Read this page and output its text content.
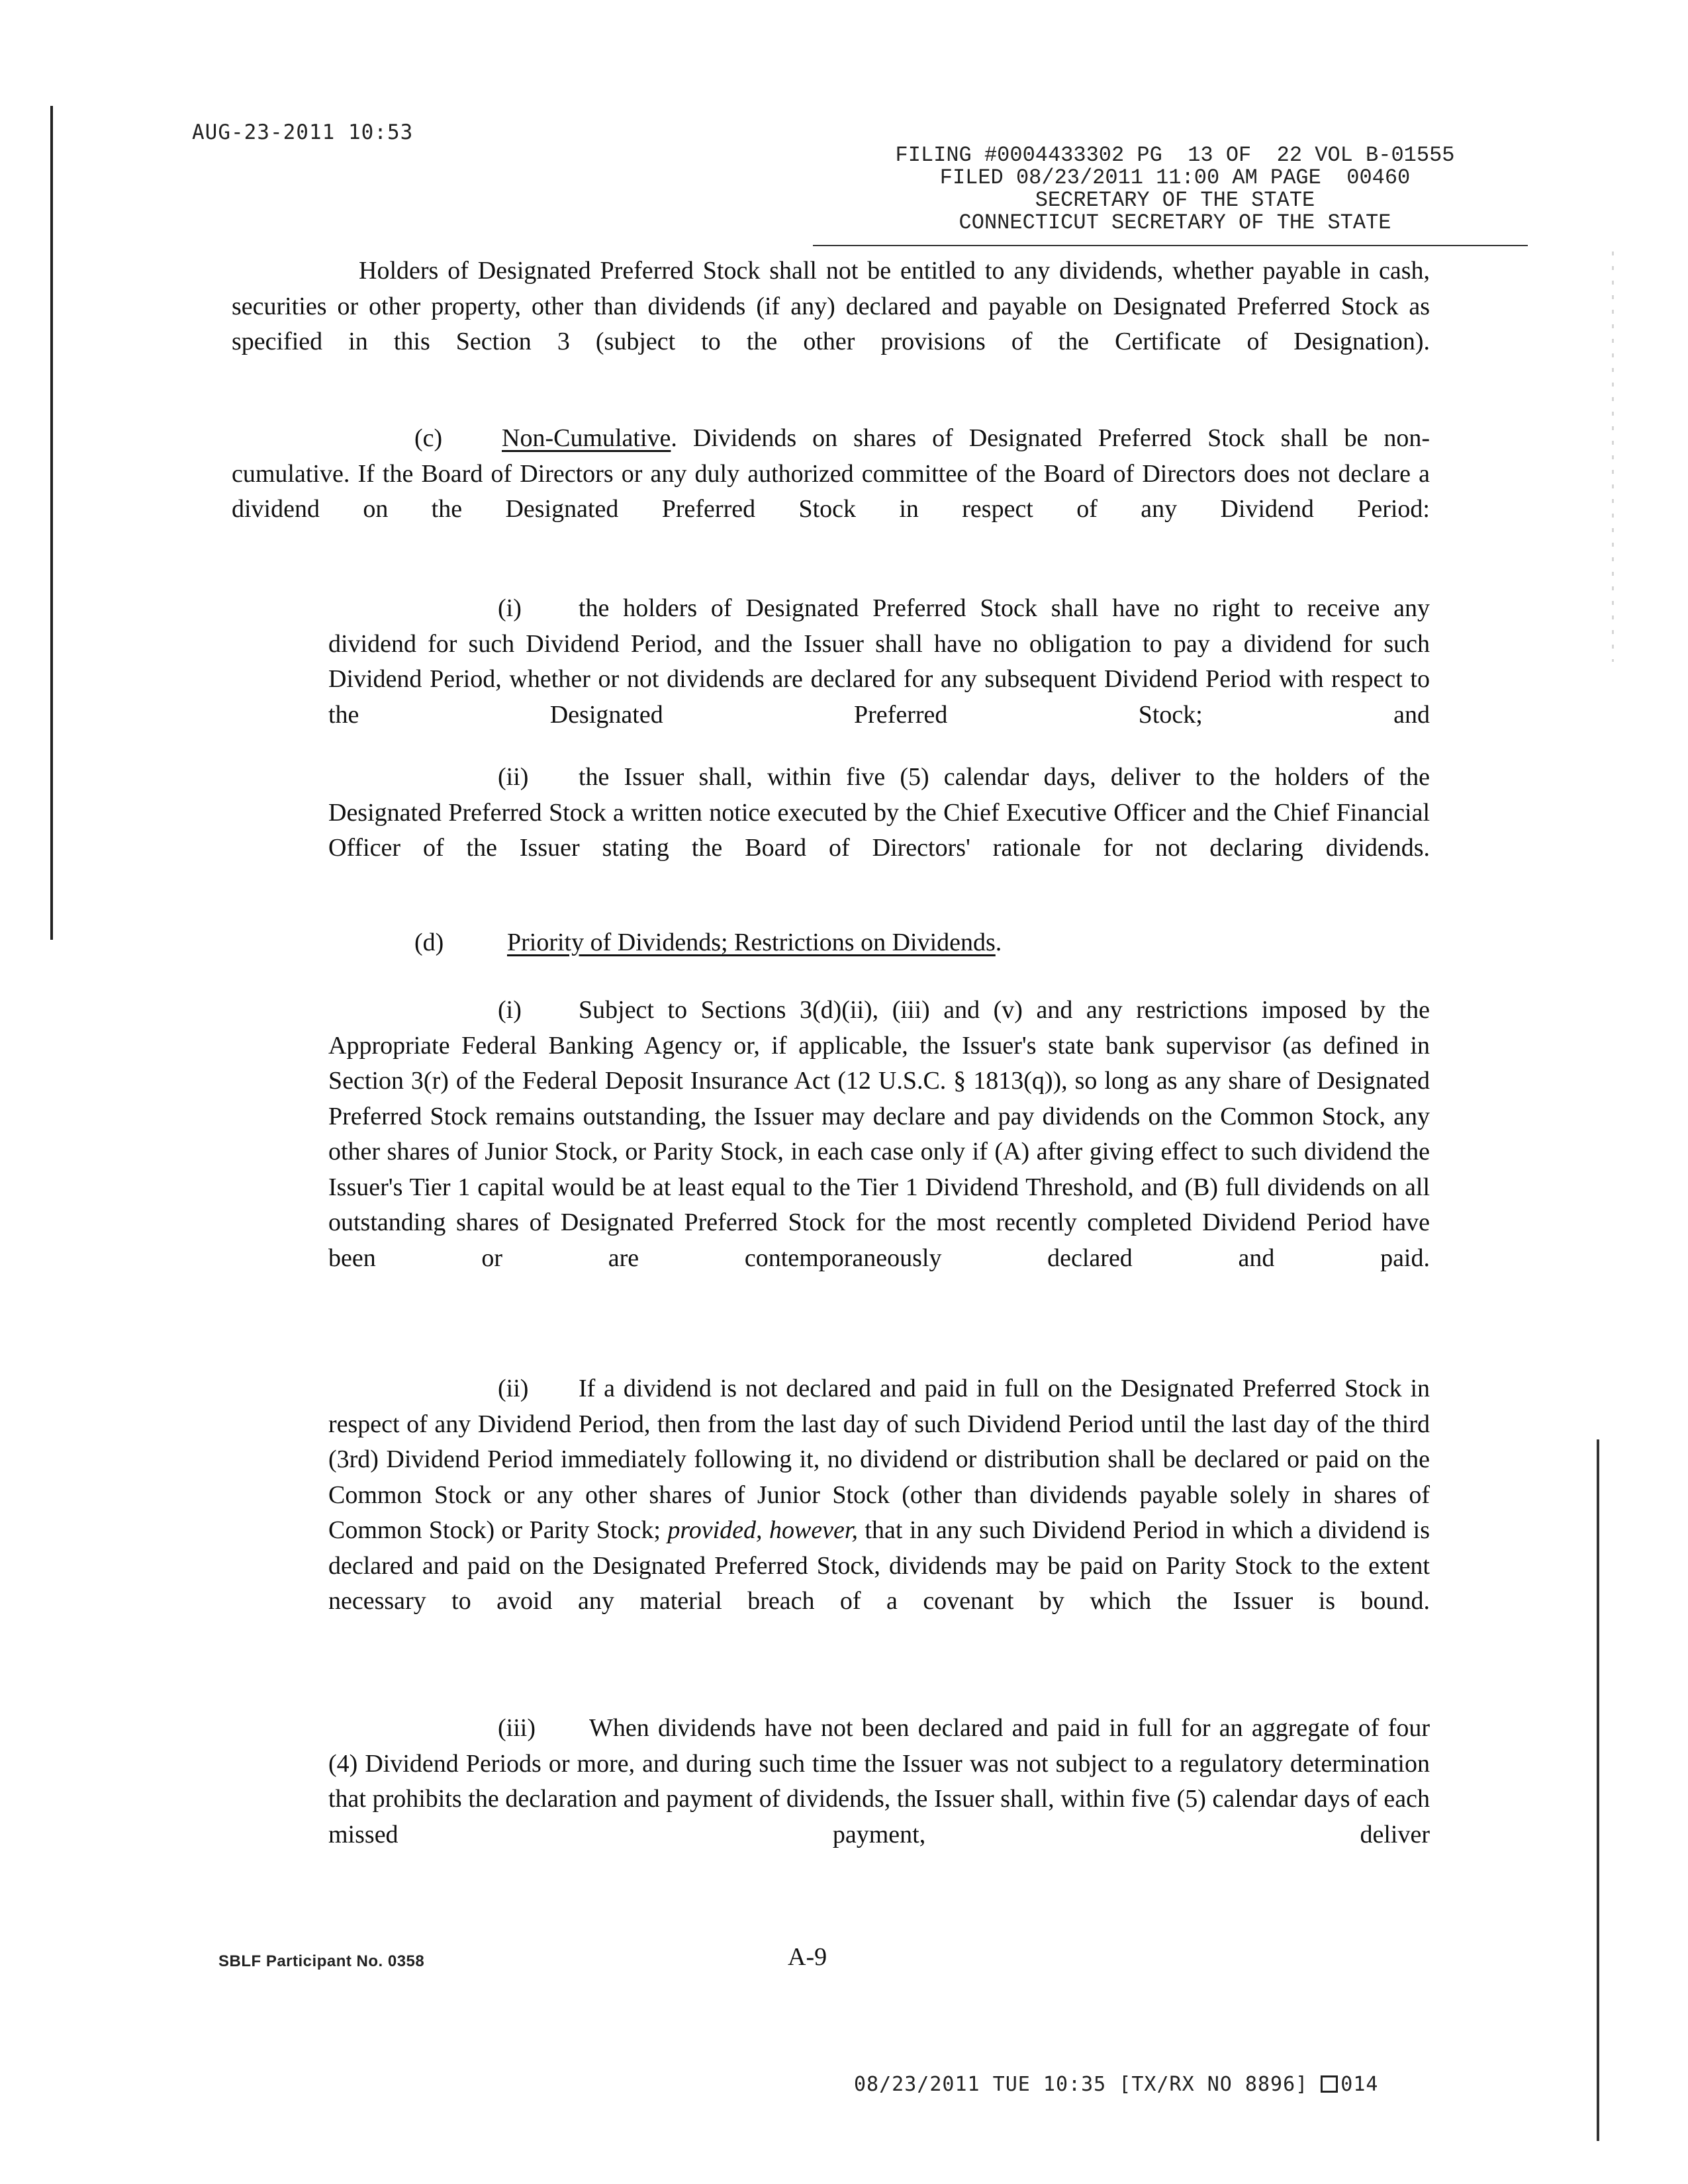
AUG-23-2011 10:53
FILING #0004433302 PG  13 OF  22 VOL B-01555
FILED 08/23/2011 11:00 AM PAGE  00460
SECRETARY OF THE STATE
CONNECTICUT SECRETARY OF THE STATE
Holders of Designated Preferred Stock shall not be entitled to any dividends, whether payable in cash, securities or other property, other than dividends (if any) declared and payable on Designated Preferred Stock as specified in this Section 3 (subject to the other provisions of the Certificate of Designation).
(c) Non-Cumulative. Dividends on shares of Designated Preferred Stock shall be non-cumulative. If the Board of Directors or any duly authorized committee of the Board of Directors does not declare a dividend on the Designated Preferred Stock in respect of any Dividend Period:
(i) the holders of Designated Preferred Stock shall have no right to receive any dividend for such Dividend Period, and the Issuer shall have no obligation to pay a dividend for such Dividend Period, whether or not dividends are declared for any subsequent Dividend Period with respect to the Designated Preferred Stock; and
(ii) the Issuer shall, within five (5) calendar days, deliver to the holders of the Designated Preferred Stock a written notice executed by the Chief Executive Officer and the Chief Financial Officer of the Issuer stating the Board of Directors' rationale for not declaring dividends.
(d)	Priority of Dividends; Restrictions on Dividends.
(i) Subject to Sections 3(d)(ii), (iii) and (v) and any restrictions imposed by the Appropriate Federal Banking Agency or, if applicable, the Issuer's state bank supervisor (as defined in Section 3(r) of the Federal Deposit Insurance Act (12 U.S.C. § 1813(q)), so long as any share of Designated Preferred Stock remains outstanding, the Issuer may declare and pay dividends on the Common Stock, any other shares of Junior Stock, or Parity Stock, in each case only if (A) after giving effect to such dividend the Issuer's Tier 1 capital would be at least equal to the Tier 1 Dividend Threshold, and (B) full dividends on all outstanding shares of Designated Preferred Stock for the most recently completed Dividend Period have been or are contemporaneously declared and paid.
(ii) If a dividend is not declared and paid in full on the Designated Preferred Stock in respect of any Dividend Period, then from the last day of such Dividend Period until the last day of the third (3rd) Dividend Period immediately following it, no dividend or distribution shall be declared or paid on the Common Stock or any other shares of Junior Stock (other than dividends payable solely in shares of Common Stock) or Parity Stock; provided, however, that in any such Dividend Period in which a dividend is declared and paid on the Designated Preferred Stock, dividends may be paid on Parity Stock to the extent necessary to avoid any material breach of a covenant by which the Issuer is bound.
(iii) When dividends have not been declared and paid in full for an aggregate of four (4) Dividend Periods or more, and during such time the Issuer was not subject to a regulatory determination that prohibits the declaration and payment of dividends, the Issuer shall, within five (5) calendar days of each missed payment, deliver
SBLF Participant No. 0358	A-9
08/23/2011 TUE 10:35 [TX/RX NO 8896] 014
